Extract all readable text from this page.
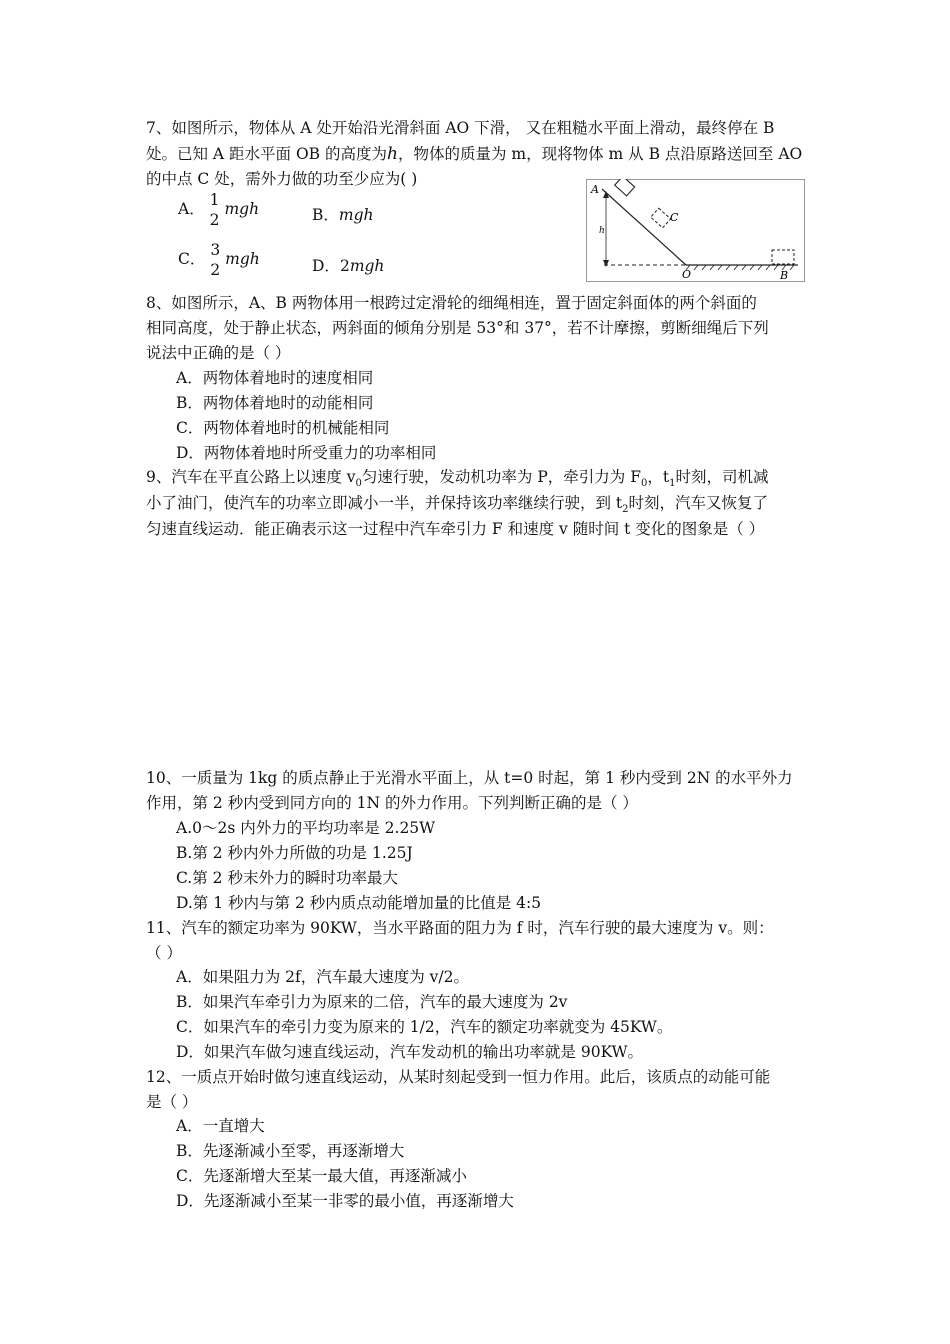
7、如图所示，物体从 A 处开始沿光滑斜面 AO 下滑， 又在粗糙水平面上滑动，最终停在 B
处。已知 A 距水平面 OB 的高度为h，物体的质量为 m，现将物体 m 从 B 点沿原路送回至 AO
的中点 C 处，需外力做的功至少应为( )
A． 1
2
mgh	B．mgh
C． 3
2
mgh	D．2mgh
A
C
h
O	B
8、如图所示，A、B 两物体用一根跨过定滑轮的细绳相连，置于固定斜面体的两个斜面的
相同高度，处于静止状态，两斜面的倾角分别是 53°和 37°，若不计摩擦，剪断细绳后下列
说法中正确的是（ ）
A．两物体着地时的速度相同
B．两物体着地时的动能相同
C．两物体着地时的机械能相同
D．两物体着地时所受重力的功率相同
9、汽车在平直公路上以速度 $v_0$匀速行驶，发动机功率为 P，牵引力为 $F_0$，$t_1$时刻，司机减
小了油门，使汽车的功率立即减小一半，并保持该功率继续行驶，到 $t_2$时刻，汽车又恢复了
匀速直线运动．能正确表示这一过程中汽车牵引力 F 和速度 v 随时间 t 变化的图象是（ ）
10、一质量为 1kg 的质点静止于光滑水平面上，从 t=0 时起，第 1 秒内受到 2N 的水平外力
作用，第 2 秒内受到同方向的 1N 的外力作用。下列判断正确的是（ ）
A.0～2s 内外力的平均功率是 2.25W
B.第 2 秒内外力所做的功是 1.25J
C.第 2 秒末外力的瞬时功率最大
D.第 1 秒内与第 2 秒内质点动能增加量的比值是 4:5
11、汽车的额定功率为 90KW，当水平路面的阻力为 f 时，汽车行驶的最大速度为 v。则：
（ ）
A．如果阻力为 2f，汽车最大速度为 v/2。
B．如果汽车牵引力为原来的二倍，汽车的最大速度为 2v
C．如果汽车的牵引力变为原来的 1/2，汽车的额定功率就变为 45KW。
D．如果汽车做匀速直线运动，汽车发动机的输出功率就是 90KW。
12、一质点开始时做匀速直线运动，从某时刻起受到一恒力作用。此后，该质点的动能可能
是（ ）
A．一直增大
B．先逐渐减小至零，再逐渐增大
C．先逐渐增大至某一最大值，再逐渐减小
D．先逐渐减小至某一非零的最小值，再逐渐增大
